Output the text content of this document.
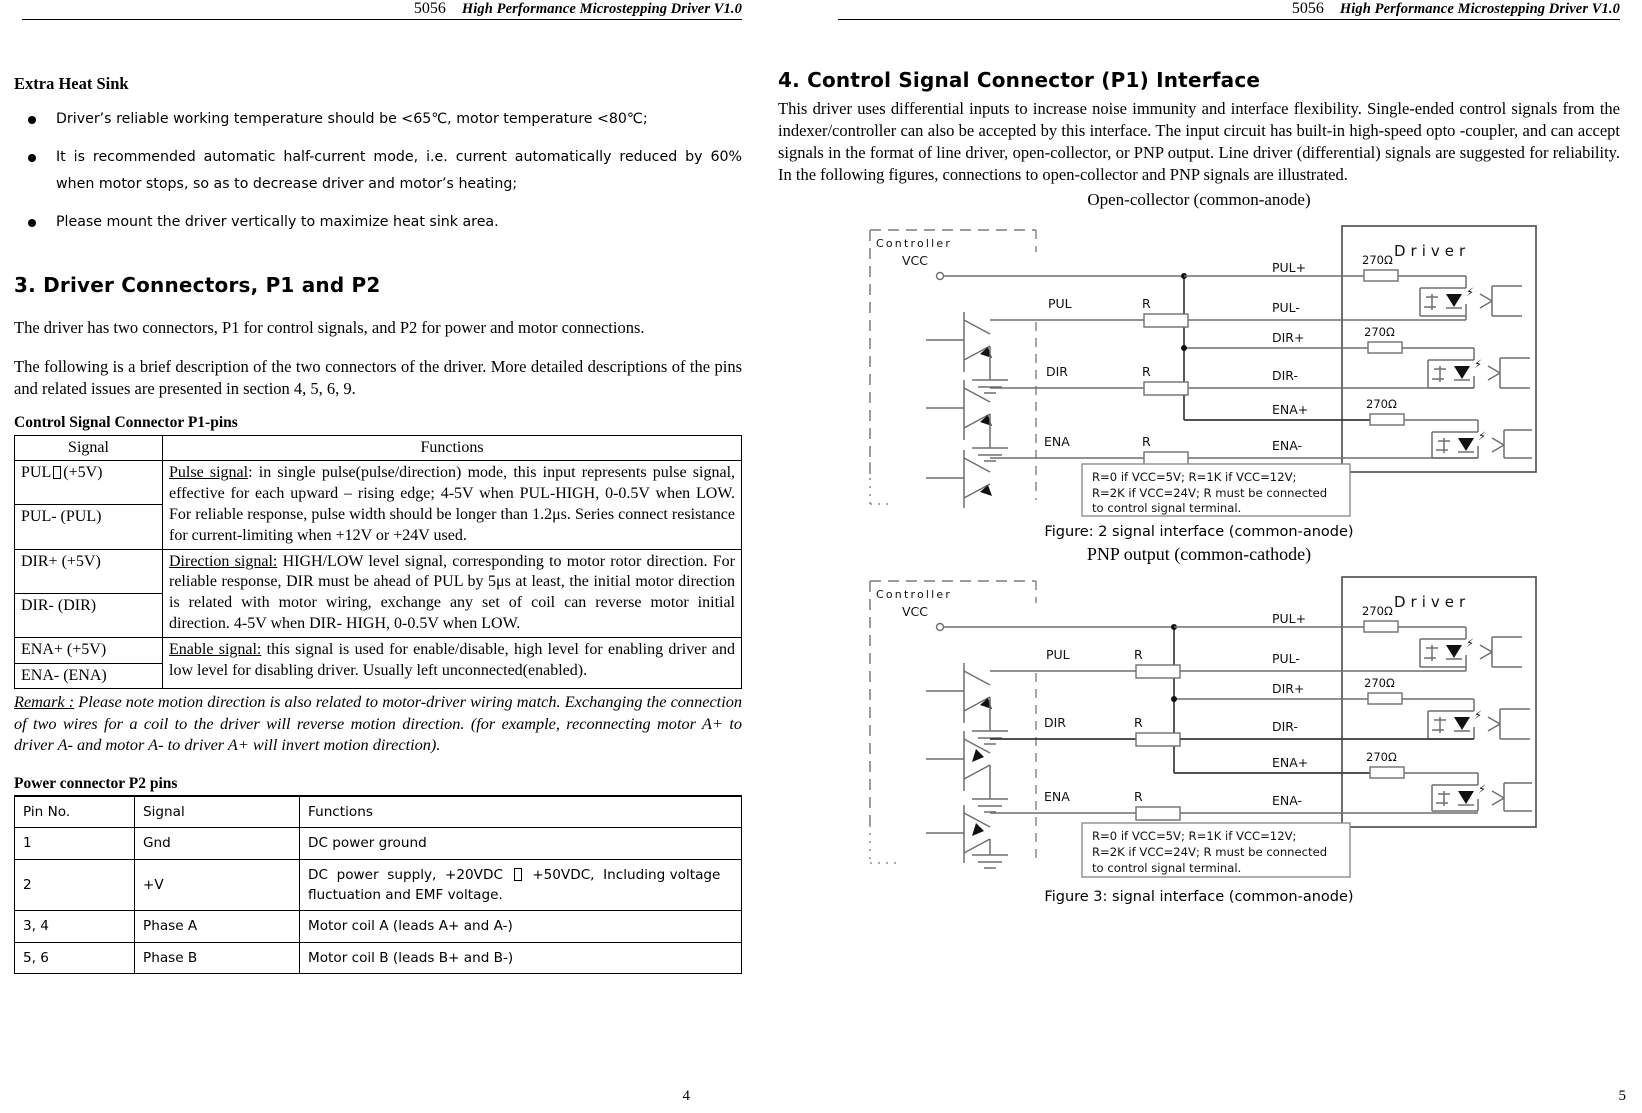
5056 High Performance Microstepping Driver V1.0
Extra Heat Sink
Driver’s reliable working temperature should be <65℃, motor temperature <80℃;
It is recommended automatic half-current mode, i.e. current automatically reduced by 60% when motor stops, so as to decrease driver and motor’s heating;
Please mount the driver vertically to maximize heat sink area.
3. Driver Connectors, P1 and P2
The driver has two connectors, P1 for control signals, and P2 for power and motor connections.
The following is a brief description of the two connectors of the driver. More detailed descriptions of the pins and related issues are presented in section 4, 5, 6, 9.
Control Signal Connector P1-pins
Signal	Functions
PUL (+5V)	Pulse signal: in single pulse(pulse/direction) mode, this input represents pulse signal, effective for each upward – rising edge; 4-5V when PUL-HIGH, 0-0.5V when LOW. For reliable response, pulse width should be longer than 1.2μs. Series connect resistance for current-limiting when +12V or +24V used.
PUL- (PUL)	
DIR+ (+5V)	Direction signal: HIGH/LOW level signal, corresponding to motor rotor direction. For reliable response, DIR must be ahead of PUL by 5μs at least, the initial motor direction is related with motor wiring, exchange any set of coil can reverse motor initial direction. 4-5V when DIR- HIGH, 0-0.5V when LOW.
DIR- (DIR)	
ENA+ (+5V)	Enable signal: this signal is used for enable/disable, high level for enabling driver and low level for disabling driver. Usually left unconnected(enabled).
ENA- (ENA)	
Remark : Please note motion direction is also related to motor-driver wiring match. Exchanging the connection of two wires for a coil to the driver will reverse motion direction. (for example, reconnecting motor A+ to driver A- and motor A- to driver A+ will invert motion direction).
Power connector P2 pins
Pin No.	Signal	Functions
1	Gnd	DC power ground
2	+V	DC  power  supply,  +20VDC    +50VDC,  Including voltage fluctuation and EMF voltage.
3, 4	Phase A	Motor coil A (leads A+ and A-)
5, 6	Phase B	Motor coil B (leads B+ and B-)
4
5056 High Performance Microstepping Driver V1.0
4. Control Signal Connector (P1) Interface
This driver uses differential inputs to increase noise immunity and interface flexibility. Single-ended control signals from the indexer/controller can also be accepted by this interface. The input circuit has built-in high-speed opto -coupler, and can accept signals in the format of line driver, open-collector, or PNP output. Line driver (differential) signals are suggested for reliability. In the following figures, connections to open-collector and PNP signals are illustrated.
Open-collector (common-anode)
Controller	Driver
VCC	PUL+	270Ω
⚡
PUL-
PUL	R
DIR+	270Ω
⚡
DIR-
DIR	R
ENA+	270Ω
⚡
ENA-
ENA	R
R=0 if VCC=5V; R=1K if VCC=12V;
R=2K if VCC=24V; R must be connected
to control signal terminal.
Figure: 2 signal interface (common-anode)
PNP output (common-cathode)
Controller	Driver
VCC	PUL+	270Ω
⚡
PUL-
PUL	R
DIR+	270Ω
⚡
DIR-
DIR	R
ENA+	270Ω
⚡
ENA-
ENA	R
R=0 if VCC=5V; R=1K if VCC=12V;
R=2K if VCC=24V; R must be connected
to control signal terminal.
Figure 3: signal interface (common-anode)
5
